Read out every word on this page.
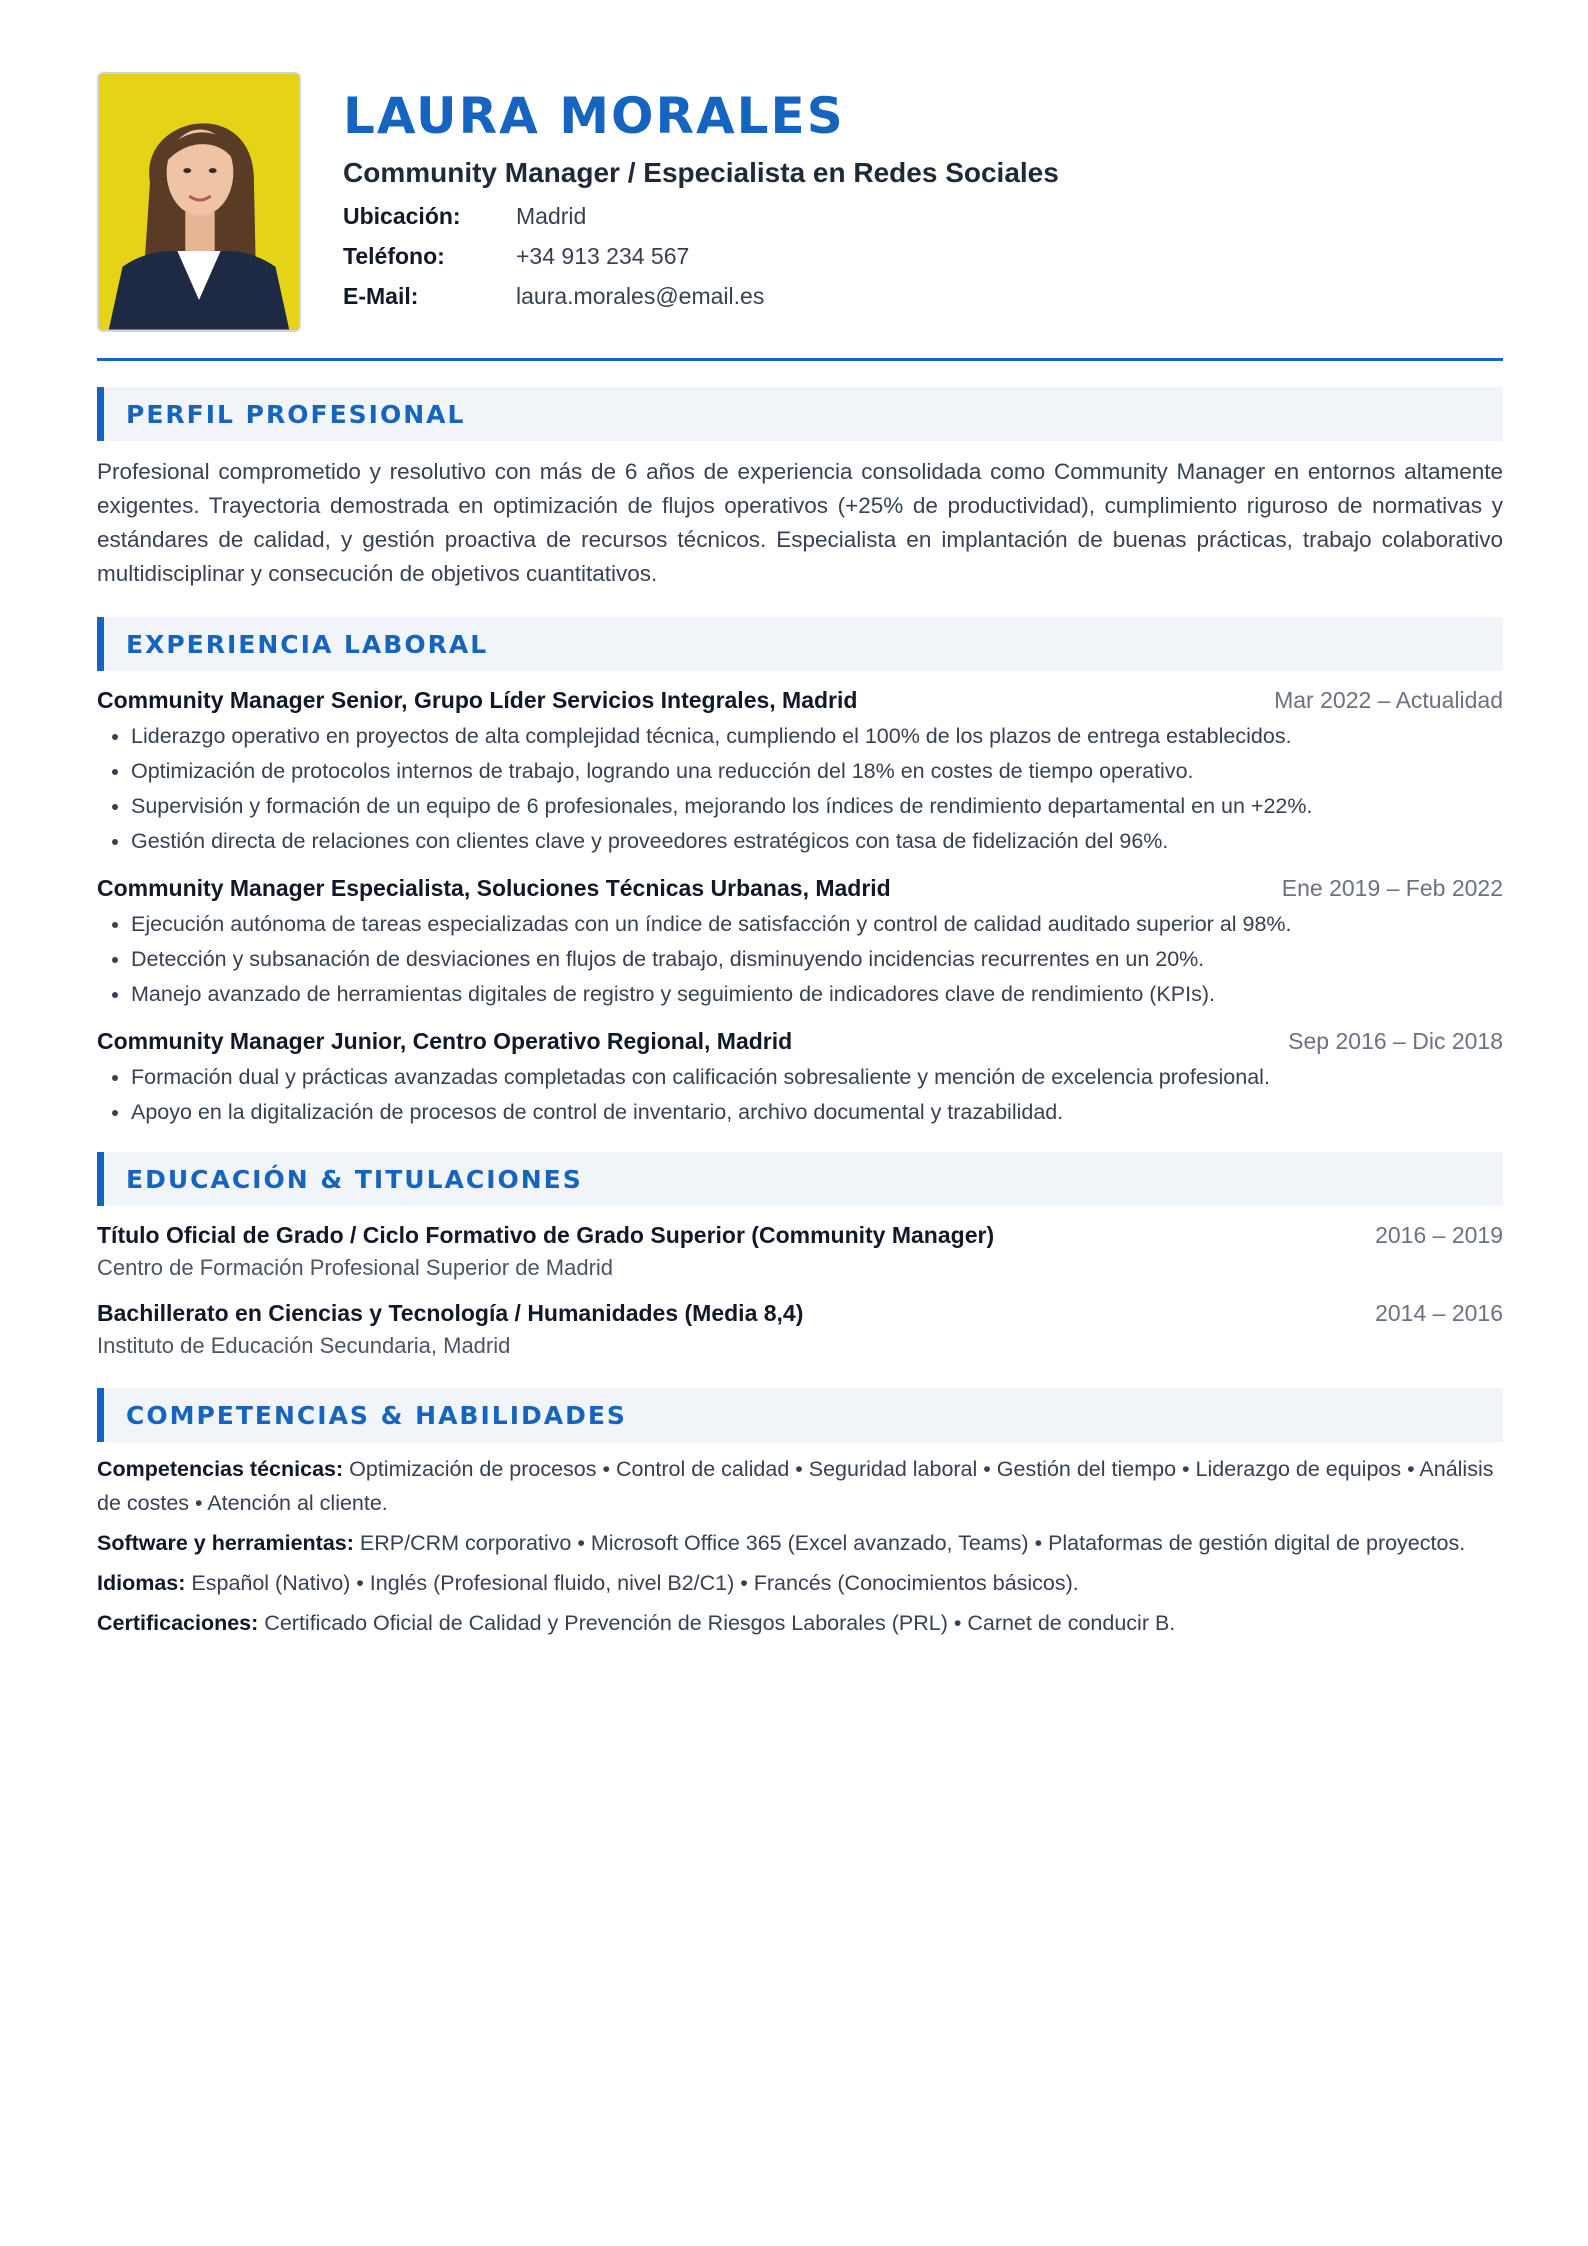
LAURA MORALES
Community Manager / Especialista en Redes Sociales
Ubicación:	Madrid
Teléfono:	+34 913 234 567
E-Mail:	laura.morales@email.es
PERFIL PROFESIONAL

Profesional comprometido y resolutivo con más de 6 años de experiencia consolidada como Community Manager en entornos altamente exigentes. Trayectoria demostrada en optimización de flujos operativos (+25% de productividad), cumplimiento riguroso de normativas y estándares de calidad, y gestión proactiva de recursos técnicos. Especialista en implantación de buenas prácticas, trabajo colaborativo multidisciplinar y consecución de objetivos cuantitativos.

EXPERIENCIA LABORAL
Community Manager Senior, Grupo Líder Servicios Integrales, Madrid	Mar 2022 – Actualidad
• Liderazgo operativo en proyectos de alta complejidad técnica, cumpliendo el 100% de los plazos de entrega establecidos.
• Optimización de protocolos internos de trabajo, logrando una reducción del 18% en costes de tiempo operativo.
• Supervisión y formación de un equipo de 6 profesionales, mejorando los índices de rendimiento departamental en un +22%.
• Gestión directa de relaciones con clientes clave y proveedores estratégicos con tasa de fidelización del 96%.
Community Manager Especialista, Soluciones Técnicas Urbanas, Madrid	Ene 2019 – Feb 2022
• Ejecución autónoma de tareas especializadas con un índice de satisfacción y control de calidad auditado superior al 98%.
• Detección y subsanación de desviaciones en flujos de trabajo, disminuyendo incidencias recurrentes en un 20%.
• Manejo avanzado de herramientas digitales de registro y seguimiento de indicadores clave de rendimiento (KPIs).
Community Manager Junior, Centro Operativo Regional, Madrid	Sep 2016 – Dic 2018
• Formación dual y prácticas avanzadas completadas con calificación sobresaliente y mención de excelencia profesional.
• Apoyo en la digitalización de procesos de control de inventario, archivo documental y trazabilidad.
EDUCACIÓN & TITULACIONES
Título Oficial de Grado / Ciclo Formativo de Grado Superior (Community Manager)	2016 – 2019
Centro de Formación Profesional Superior de Madrid
Bachillerato en Ciencias y Tecnología / Humanidades (Media 8,4)	2014 – 2016
Instituto de Educación Secundaria, Madrid
COMPETENCIAS & HABILIDADES
Competencias técnicas: Optimización de procesos • Control de calidad • Seguridad laboral • Gestión del tiempo • Liderazgo de equipos • Análisis de costes • Atención al cliente.
Software y herramientas: ERP/CRM corporativo • Microsoft Office 365 (Excel avanzado, Teams) • Plataformas de gestión digital de proyectos.
Idiomas: Español (Nativo) • Inglés (Profesional fluido, nivel B2/C1) • Francés (Conocimientos básicos).
Certificaciones: Certificado Oficial de Calidad y Prevención de Riesgos Laborales (PRL) • Carnet de conducir B.
